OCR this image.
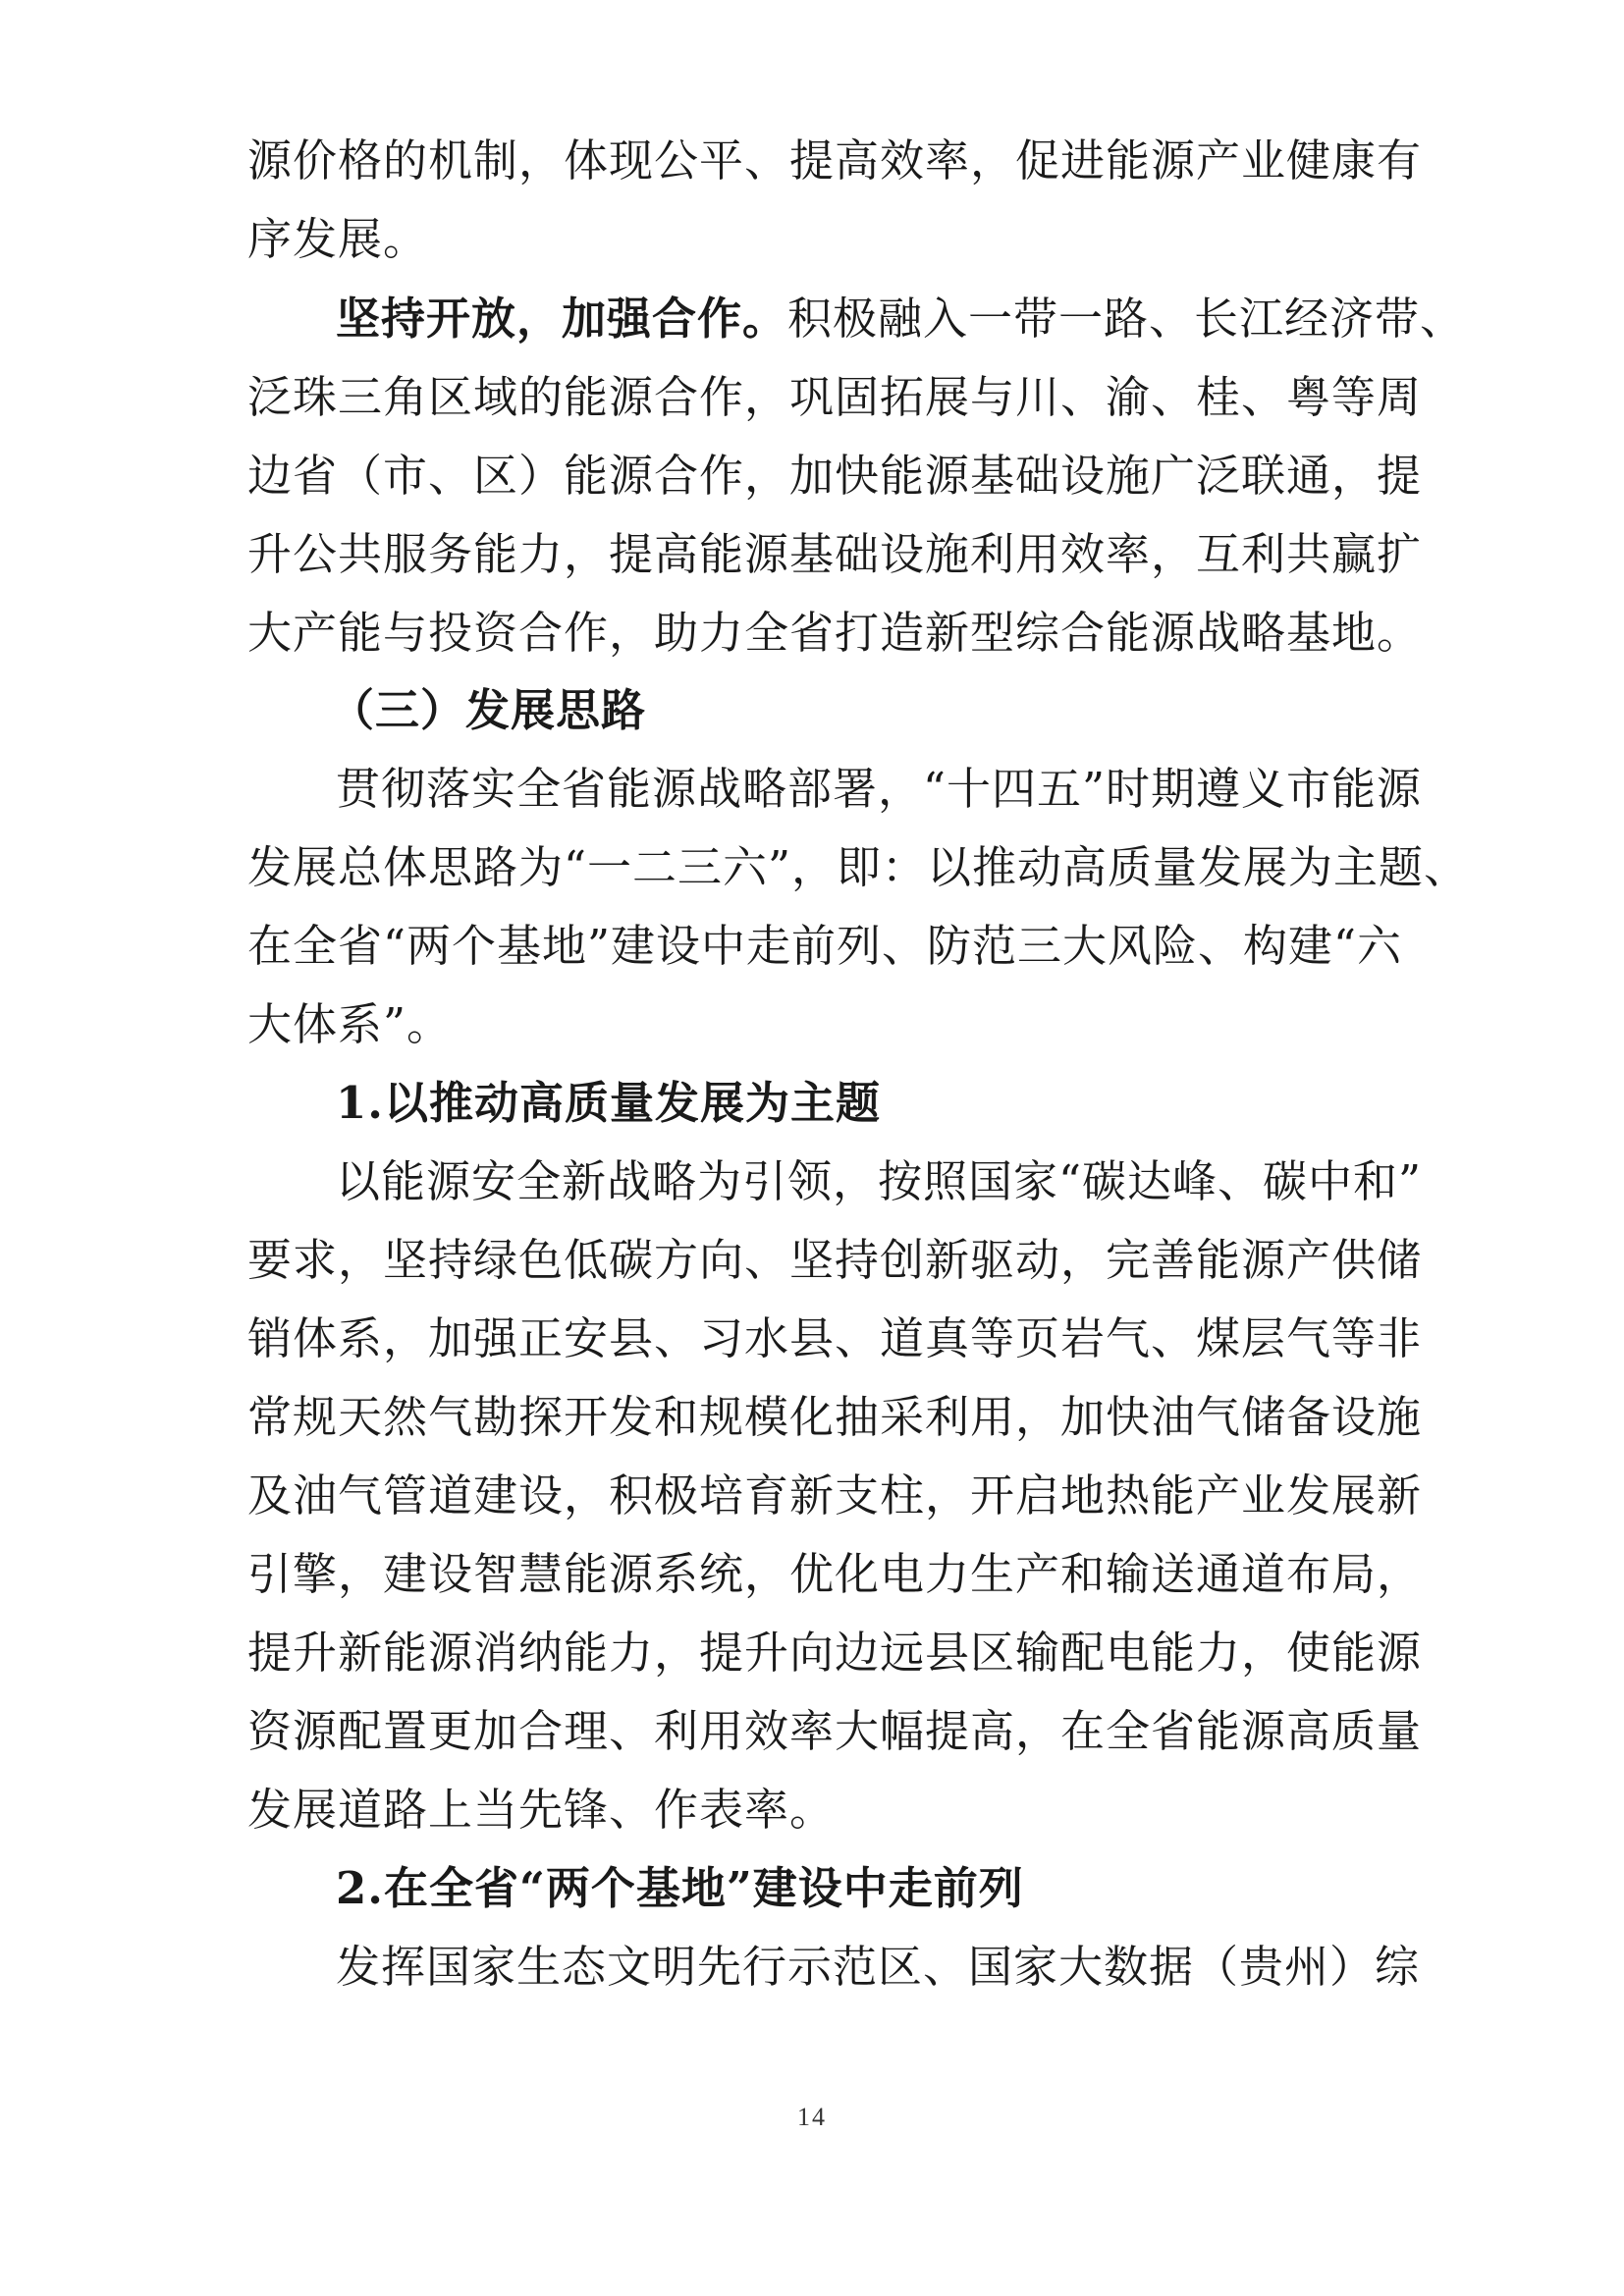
源价格的机制，体现公平、提高效率，促进能源产业健康有
序发展。
坚持开放，加强合作。积极融入一带一路、长江经济带、
泛珠三角区域的能源合作，巩固拓展与川、渝、桂、粤等周
边省（市、区）能源合作，加快能源基础设施广泛联通，提
升公共服务能力，提高能源基础设施利用效率，互利共赢扩
大产能与投资合作，助力全省打造新型综合能源战略基地。
（三）发展思路
贯彻落实全省能源战略部署，“十四五”时期遵义市能源
发展总体思路为“一二三六”，即：以推动高质量发展为主题、
在全省“两个基地”建设中走前列、防范三大风险、构建“六
大体系”。
1.以推动高质量发展为主题
以能源安全新战略为引领，按照国家“碳达峰、碳中和”
要求，坚持绿色低碳方向、坚持创新驱动，完善能源产供储
销体系，加强正安县、习水县、道真等页岩气、煤层气等非
常规天然气勘探开发和规模化抽采利用，加快油气储备设施
及油气管道建设，积极培育新支柱，开启地热能产业发展新
引擎，建设智慧能源系统，优化电力生产和输送通道布局，
提升新能源消纳能力，提升向边远县区输配电能力，使能源
资源配置更加合理、利用效率大幅提高，在全省能源高质量
发展道路上当先锋、作表率。
2.在全省“两个基地”建设中走前列
发挥国家生态文明先行示范区、国家大数据（贵州）综
14
